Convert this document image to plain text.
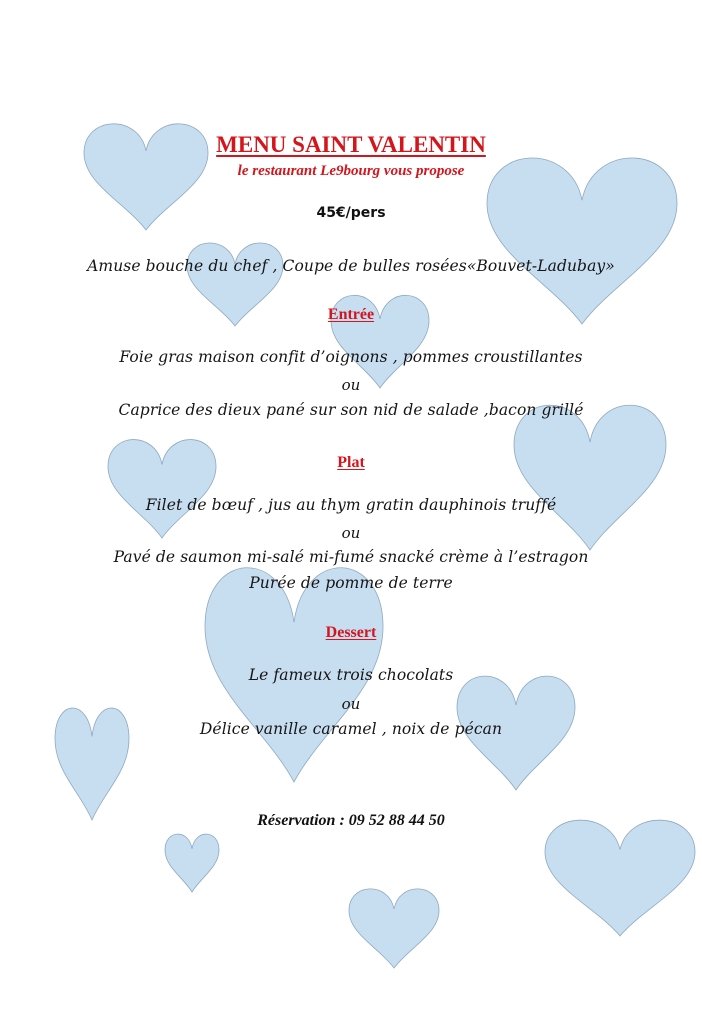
MENU SAINT VALENTIN
le restaurant Le9bourg vous propose
45€/pers
Amuse bouche du chef , Coupe de bulles rosées«Bouvet-Ladubay»
Entrée
Foie gras maison confit d’oignons , pommes croustillantes
ou
Caprice des dieux pané sur son nid de salade ,bacon grillé
Plat
Filet de bœuf , jus au thym gratin dauphinois truffé
ou
Pavé de saumon mi-salé mi-fumé snacké crème à l’estragon
Purée de pomme de terre
Dessert
Le fameux trois chocolats
ou
Délice vanille caramel , noix de pécan
Réservation : 09 52 88 44 50
